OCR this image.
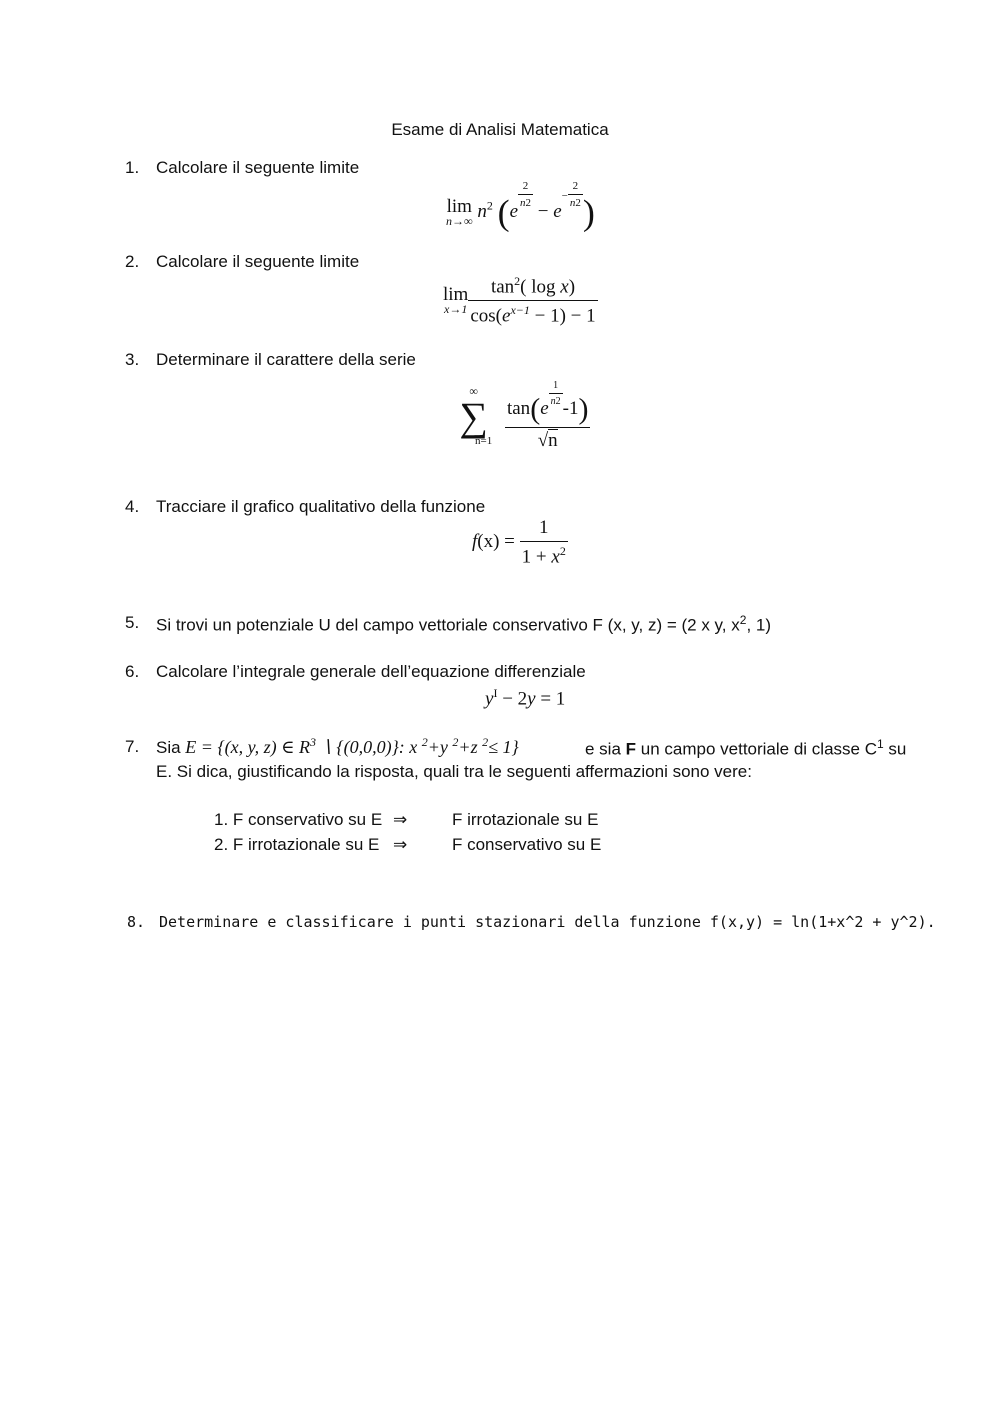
Esame di Analisi Matematica
1. Calcolare il seguente limite
lim
n→∞ $n^2$ (e
$\frac{2}{n2}$
− $e- \frac{2}{n2}$ )
2. Calcolare il seguente limite
lim
$x\to 1 \frac{\tan^2( \log x)}{\cos(e^{x-1} - 1) - 1}$
3. Determinare il carattere della serie
∞
∑
n=1
tan(e
$\frac{1}{n2}$
-1)
√n
4. Tracciare il grafico qualitativo della funzione
$f(x) = \frac{1}{1 + x^2}$
5. Si trovi un potenziale U del campo vettoriale conservativo F (x, y, z) = (2 x y, $x^2$, 1)
6. Calcolare l’integrale generale dell’equazione differenziale
$y^I - 2y = 1$
7. Sia E = {(x, y, z) ∈ $R^3$ ∖ {(0,0,0)}: x $^2$+y $^2$+z $^2$≤ 1}	e sia F un campo vettoriale di classe $C^1$ su
E. Si dica, giustificando la risposta, quali tra le seguenti affermazioni sono vere:
1. F conservativo su E ⇒	F irrotazionale su E
2. F irrotazionale su E ⇒	F conservativo su E
8. Determinare e classificare i punti stazionari della funzione f(x,y) = ln(1+x^2 + y^2).
